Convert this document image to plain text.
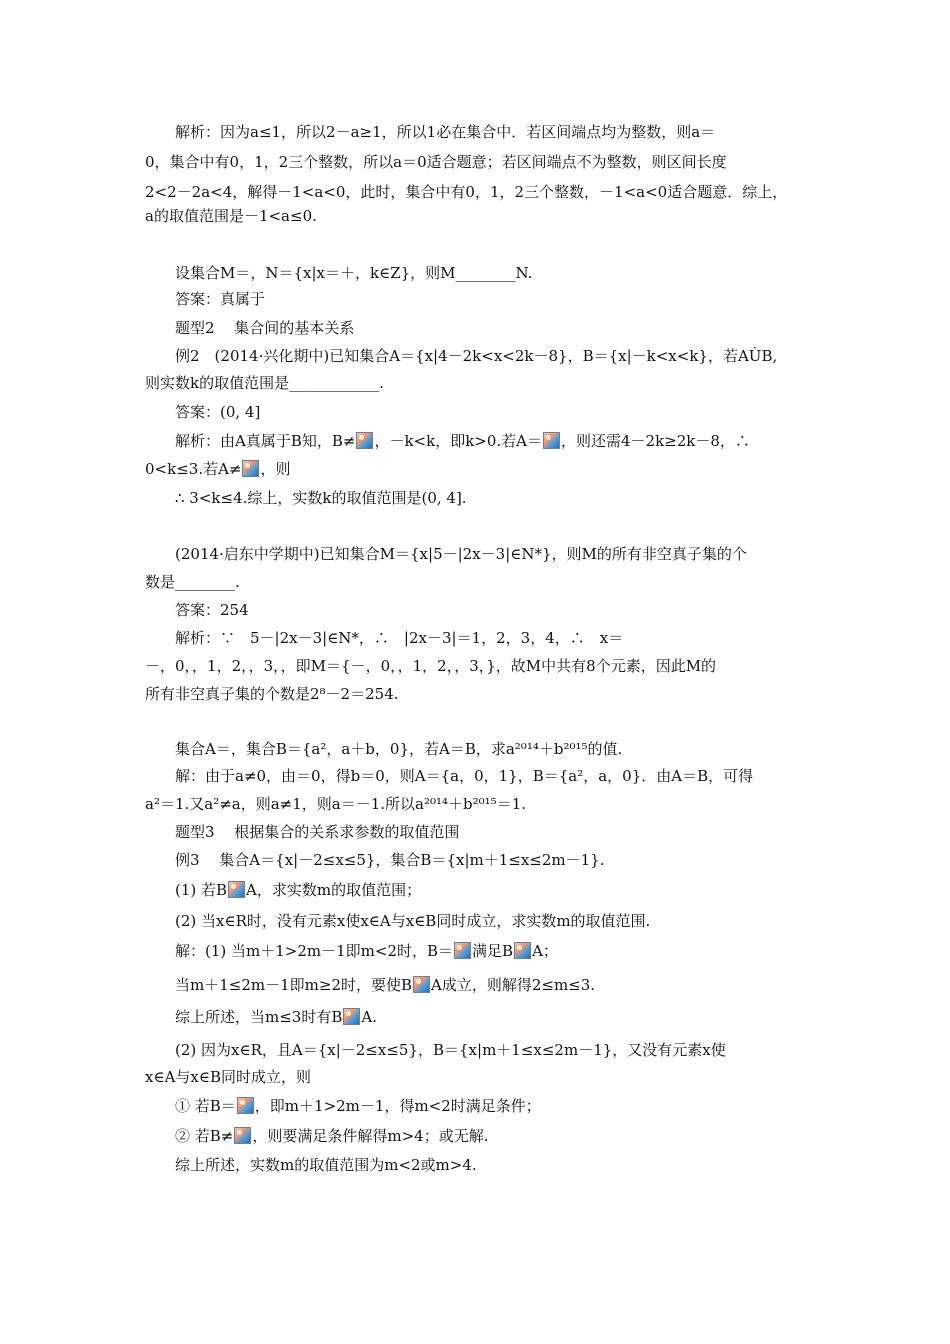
解析：因为a≤1，所以2－a≥1，所以1必在集合中．若区间端点均为整数，则a＝
0，集合中有0，1，2三个整数，所以a＝0适合题意；若区间端点不为整数，则区间长度
2<2－2a<4，解得－1<a<0，此时，集合中有0，1，2三个整数，－1<a<0适合题意．综上，
a的取值范围是－1<a≤0.
设集合M＝，N＝{x|x＝＋，k∈Z}，则M________N.
答案：真属于
题型2　 集合间的基本关系
例2　(2014·兴化期中)已知集合A＝{x|4－2k<x<2k－8}，B＝{x|－k<x<k}，若AÙB,
则实数k的取值范围是____________.
答案：(0, 4]
解析：由A真属于B知，B≠ ，－k<k，即k>0.若A＝ ，则还需4－2k≥2k－8，∴
0<k≤3.若A≠ ，则
∴ 3<k≤4.综上，实数k的取值范围是(0, 4].
(2014·启东中学期中)已知集合M＝{x|5－|2x－3|∈N*}，则M的所有非空真子集的个
数是________.
答案：254
解析：∵　5－|2x－3|∈N*，∴　|2x－3|＝1，2，3，4，∴　x＝
－，0，，1，2，，3，，即M＝{－，0，，1，2，，3，}，故M中共有8个元素，因此M的
所有非空真子集的个数是2⁸－2＝254.
集合A＝，集合B＝{a²，a＋b，0}，若A＝B，求a²⁰¹⁴＋b²⁰¹⁵的值.
解：由于a≠0，由＝0，得b＝0，则A＝{a，0，1}，B＝{a²，a，0}．由A＝B，可得
a²＝1.又a²≠a，则a≠1，则a＝－1.所以a²⁰¹⁴＋b²⁰¹⁵＝1.
题型3　 根据集合的关系求参数的取值范围
例3　 集合A＝{x|－2≤x≤5}，集合B＝{x|m＋1≤x≤2m－1}.
(1) 若B A，求实数m的取值范围；
(2) 当x∈R时，没有元素x使x∈A与x∈B同时成立，求实数m的取值范围.
解：(1) 当m＋1>2m－1即m<2时，B＝ 满足B A；
当m＋1≤2m－1即m≥2时，要使B A成立，则解得2≤m≤3.
综上所述，当m≤3时有B A.
(2) 因为x∈R，且A＝{x|－2≤x≤5}，B＝{x|m＋1≤x≤2m－1}，又没有元素x使
x∈A与x∈B同时成立，则
① 若B＝ ，即m＋1>2m－1，得m<2时满足条件；
② 若B≠ ，则要满足条件解得m>4；或无解.
综上所述，实数m的取值范围为m<2或m>4.
